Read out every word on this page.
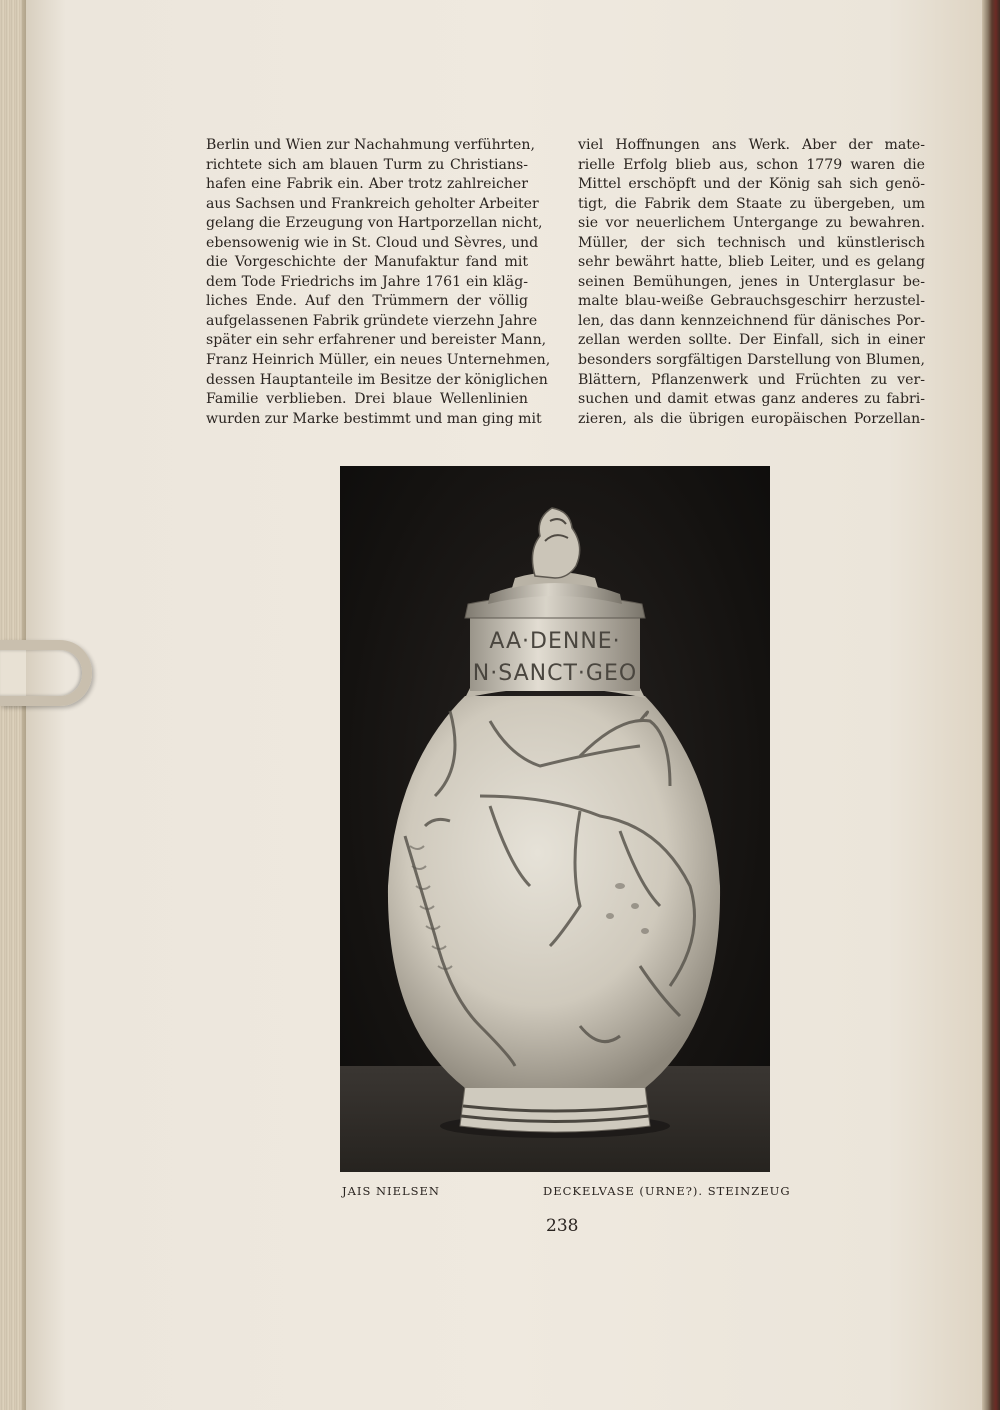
Berlin und Wien zur Nachahmung verführten,
richtete sich am blauen Turm zu Christians-
hafen eine Fabrik ein. Aber trotz zahlreicher
aus Sachsen und Frankreich geholter Arbeiter
gelang die Erzeugung von Hartporzellan nicht,
ebensowenig wie in St. Cloud und Sèvres, und
die Vorgeschichte der Manufaktur fand mit
dem Tode Friedrichs im Jahre 1761 ein kläg-
liches Ende. Auf den Trümmern der völlig
aufgelassenen Fabrik gründete vierzehn Jahre
später ein sehr erfahrener und bereister Mann,
Franz Heinrich Müller, ein neues Unternehmen,
dessen Hauptanteile im Besitze der königlichen
Familie verblieben. Drei blaue Wellenlinien
wurden zur Marke bestimmt und man ging mit
viel Hoffnungen ans Werk. Aber der mate-
rielle Erfolg blieb aus, schon 1779 waren die
Mittel erschöpft und der König sah sich genö-
tigt, die Fabrik dem Staate zu übergeben, um
sie vor neuerlichem Untergange zu bewahren.
Müller, der sich technisch und künstlerisch
sehr bewährt hatte, blieb Leiter, und es gelang
seinen Bemühungen, jenes in Unterglasur be-
malte blau-weiße Gebrauchsgeschirr herzustel-
len, das dann kennzeichnend für dänisches Por-
zellan werden sollte. Der Einfall, sich in einer
besonders sorgfältigen Darstellung von Blumen,
Blättern, Pflanzenwerk und Früchten zu ver-
suchen und damit etwas ganz anderes zu fabri-
zieren, als die übrigen europäischen Porzellan-
AA·DENNE·
N·SANCT·GEO

JAIS NIELSEN	DECKELVASE (URNE?). STEINZEUG

238
